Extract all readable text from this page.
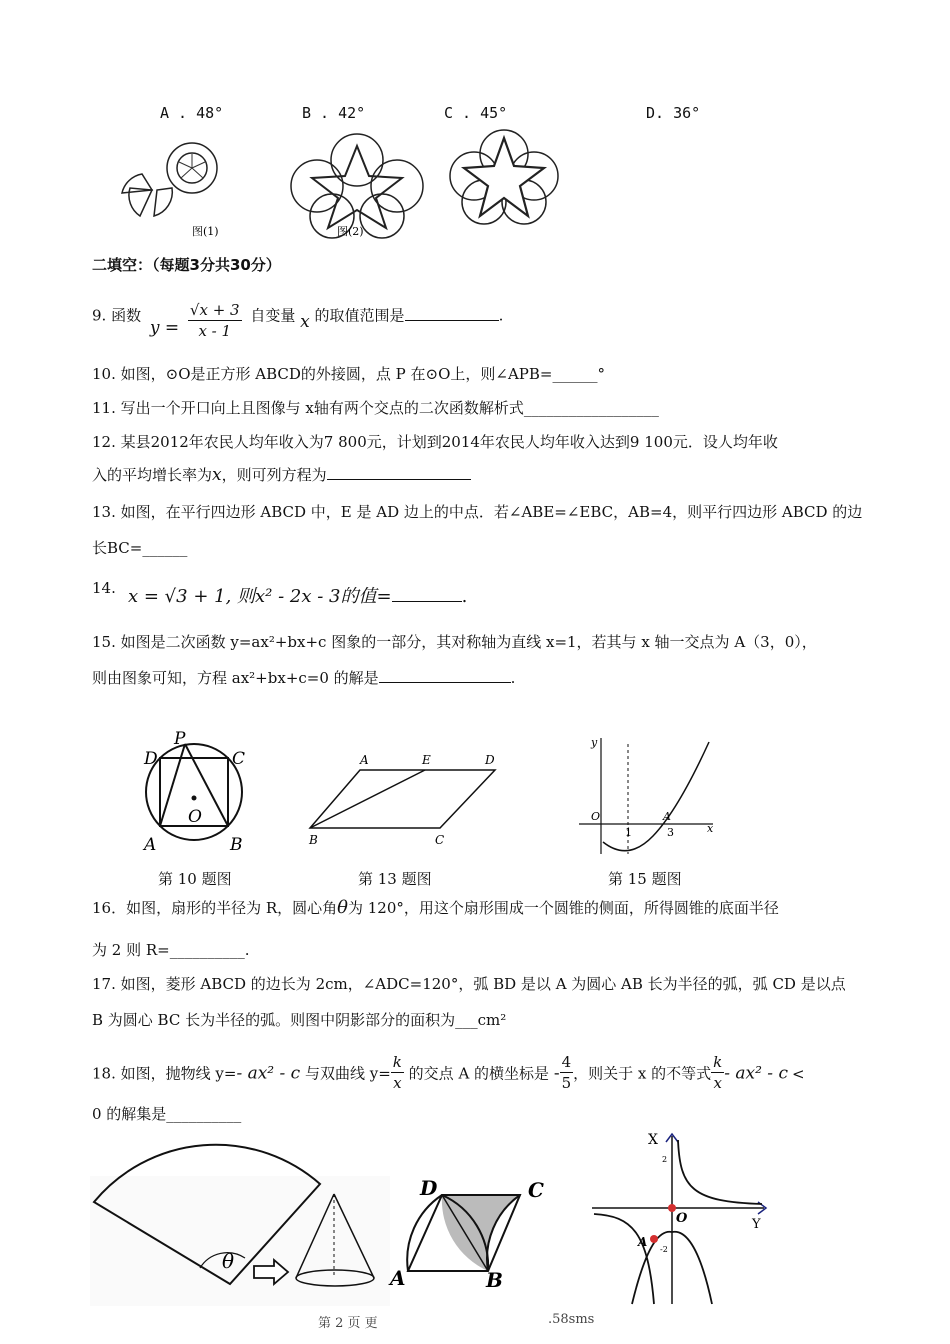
A . 48°	B . 42°	C . 45°	D. 36°
图(2)
图(1)
二填空：（每题3分共30分）
9. 函数 $y = \frac{√x + 3}{x - 1}$ 自变量 x 的取值范围是	.
10. 如图，⊙O是正方形 ABCD的外接圆，点 P 在⊙O上，则∠APB=______°
11. 写出一个开口向上且图像与 x轴有两个交点的二次函数解析式__________________
12. 某县2012年农民人均年收入为7 800元，计划到2014年农民人均年收入达到9 100元．设人均年收
入的平均增长率为x，则可列方程为
13. 如图，在平行四边形 ABCD 中，E 是 AD 边上的中点．若∠ABE=∠EBC，AB=4，则平行四边形 ABCD 的边
长BC=______
14. x = √3 + 1, 则x² - 2x - 3的值=	.
15. 如图是二次函数 y=ax²+bx+c 图象的一部分，其对称轴为直线 x=1，若其与 x 轴一交点为 A（3，0），
则由图象可知，方程 ax²+bx+c=0 的解是	.
P
D	C
O
A	B
第 10 题图
A	E	D
B	C
第 13 题图
y
O
1
A
3	x
第 15 题图
16．如图，扇形的半径为 R，圆心角θ为 120°，用这个扇形围成一个圆锥的侧面，所得圆锥的底面半径
为 2 则 R=__________.
17. 如图，菱形 ABCD 的边长为 2cm，∠ADC=120°，弧 BD 是以 A 为圆心 AB 长为半径的弧，弧 CD 是以点
B 为圆心 BC 长为半径的弧。则图中阴影部分的面积为___cm²
18. 如图，抛物线 y=- ax² - c 与双曲线 $y= \frac{k}{x}$ 的交点 A 的横坐标是 - $\frac{4}{5}$ ，则关于 x 的不等式 $\frac{k}{x} - ax^2$ - c <
0 的解集是__________
θ
D	C
A	B
X
Y
O
A
2
-2
第 2 页 更	.58sms
